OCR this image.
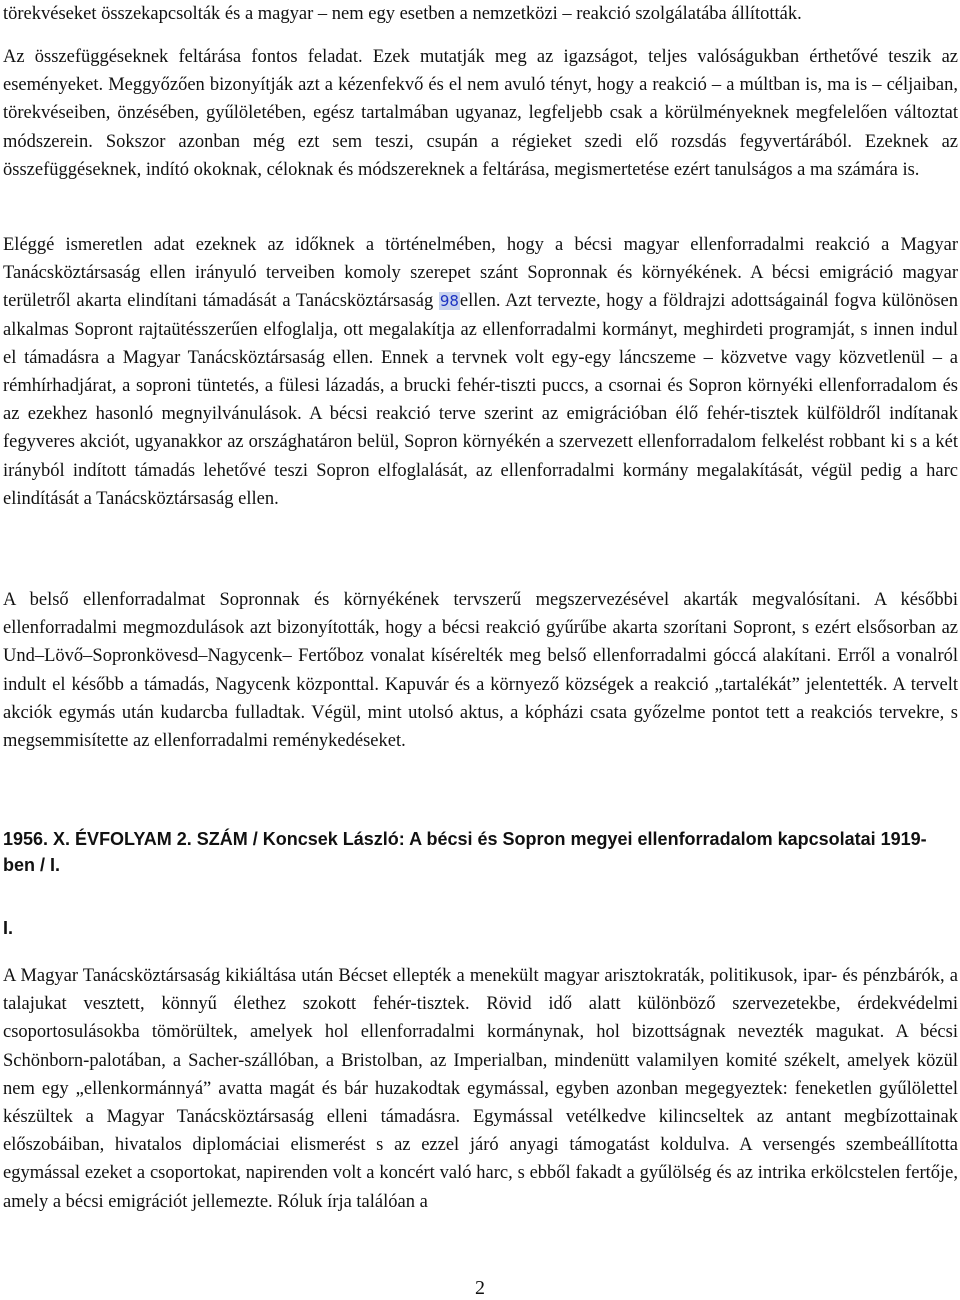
törekvéseket összekapcsolták és a magyar – nem egy esetben a nemzetközi – reakció szolgálatába állították.

Az összefüggéseknek feltárása fontos feladat. Ezek mutatják meg az igazságot, teljes valóságukban érthetővé teszik az eseményeket. Meggyőzően bizonyítják azt a kézenfekvő és el nem avuló tényt, hogy a reakció – a múltban is, ma is – céljaiban, törekvéseiben, önzésében, gyűlöletében, egész tartalmában ugyanaz, legfeljebb csak a körülményeknek megfelelően változtat módszerein. Sokszor azonban még ezt sem teszi, csupán a régieket szedi elő rozsdás fegyvertárából. Ezeknek az összefüggéseknek, indító okoknak, céloknak és módszereknek a feltárása, megismertetése ezért tanulságos a ma számára is.

Eléggé ismeretlen adat ezeknek az időknek a történelmében, hogy a bécsi magyar ellenforradalmi reakció a Magyar Tanácsköztársaság ellen irányuló terveiben komoly szerepet szánt Sopronnak és környékének. A bécsi emigráció magyar területről akarta elindítani támadását a Tanácsköztársaság 98ellen. Azt tervezte, hogy a földrajzi adottságainál fogva különösen alkalmas Sopront rajtaütésszerűen elfoglalja, ott megalakítja az ellenforradalmi kormányt, meghirdeti programját, s innen indul el támadásra a Magyar Tanácsköztársaság ellen. Ennek a tervnek volt egy-egy láncszeme – közvetve vagy közvetlenül – a rémhírhadjárat, a soproni tüntetés, a fülesi lázadás, a brucki fehér-tiszti puccs, a csornai és Sopron környéki ellenforradalom és az ezekhez hasonló megnyilvánulások. A bécsi reakció terve szerint az emigrációban élő fehér-tisztek külföldről indítanak fegyveres akciót, ugyanakkor az országhatáron belül, Sopron környékén a szervezett ellenforradalom felkelést robbant ki s a két irányból indított támadás lehetővé teszi Sopron elfoglalását, az ellenforradalmi kormány megalakítását, végül pedig a harc elindítását a Tanácsköztársaság ellen.

A belső ellenforradalmat Sopronnak és környékének tervszerű megszervezésével akarták megvalósítani. A későbbi ellenforradalmi megmozdulások azt bizonyították, hogy a bécsi reakció gyűrűbe akarta szorítani Sopront, s ezért elsősorban az Und–Lövő–Sopronkövesd–Nagycenk– Fertőboz vonalat kísérelték meg belső ellenforradalmi góccá alakítani. Erről a vonalról indult el később a támadás, Nagycenk központtal. Kapuvár és a környező községek a reakció „tartalékát” jelentették. A tervelt akciók egymás után kudarcba fulladtak. Végül, mint utolsó aktus, a kópházi csata győzelme pontot tett a reakciós tervekre, s megsemmisítette az ellenforradalmi reménykedéseket.

1956. X. ÉVFOLYAM 2. SZÁM / Koncsek László: A bécsi és Sopron megyei ellenforradalom kapcsolatai 1919-ben / I.
I.

A Magyar Tanácsköztársaság kikiáltása után Bécset ellepték a menekült magyar arisztokraták, politikusok, ipar- és pénzbárók, a talajukat vesztett, könnyű élethez szokott fehér-tisztek. Rövid idő alatt különböző szervezetekbe, érdekvédelmi csoportosulásokba tömörültek, amelyek hol ellenforradalmi kormánynak, hol bizottságnak nevezték magukat. A bécsi Schönborn-palotában, a Sacher-szállóban, a Bristolban, az Imperialban, mindenütt valamilyen komité székelt, amelyek közül nem egy „ellenkormánnyá” avatta magát és bár huzakodtak egymással, egyben azonban megegyeztek: feneketlen gyűlölettel készültek a Magyar Tanácsköztársaság elleni támadásra. Egymással vetélkedve kilincseltek az antant megbízottainak előszobáiban, hivatalos diplomáciai elismerést s az ezzel járó anyagi támogatást koldulva. A versengés szembeállította egymással ezeket a csoportokat, napirenden volt a koncért való harc, s ebből fakadt a gyűlölség és az intrika erkölcstelen fertője, amely a bécsi emigrációt jellemezte. Róluk írja találóan a

2
